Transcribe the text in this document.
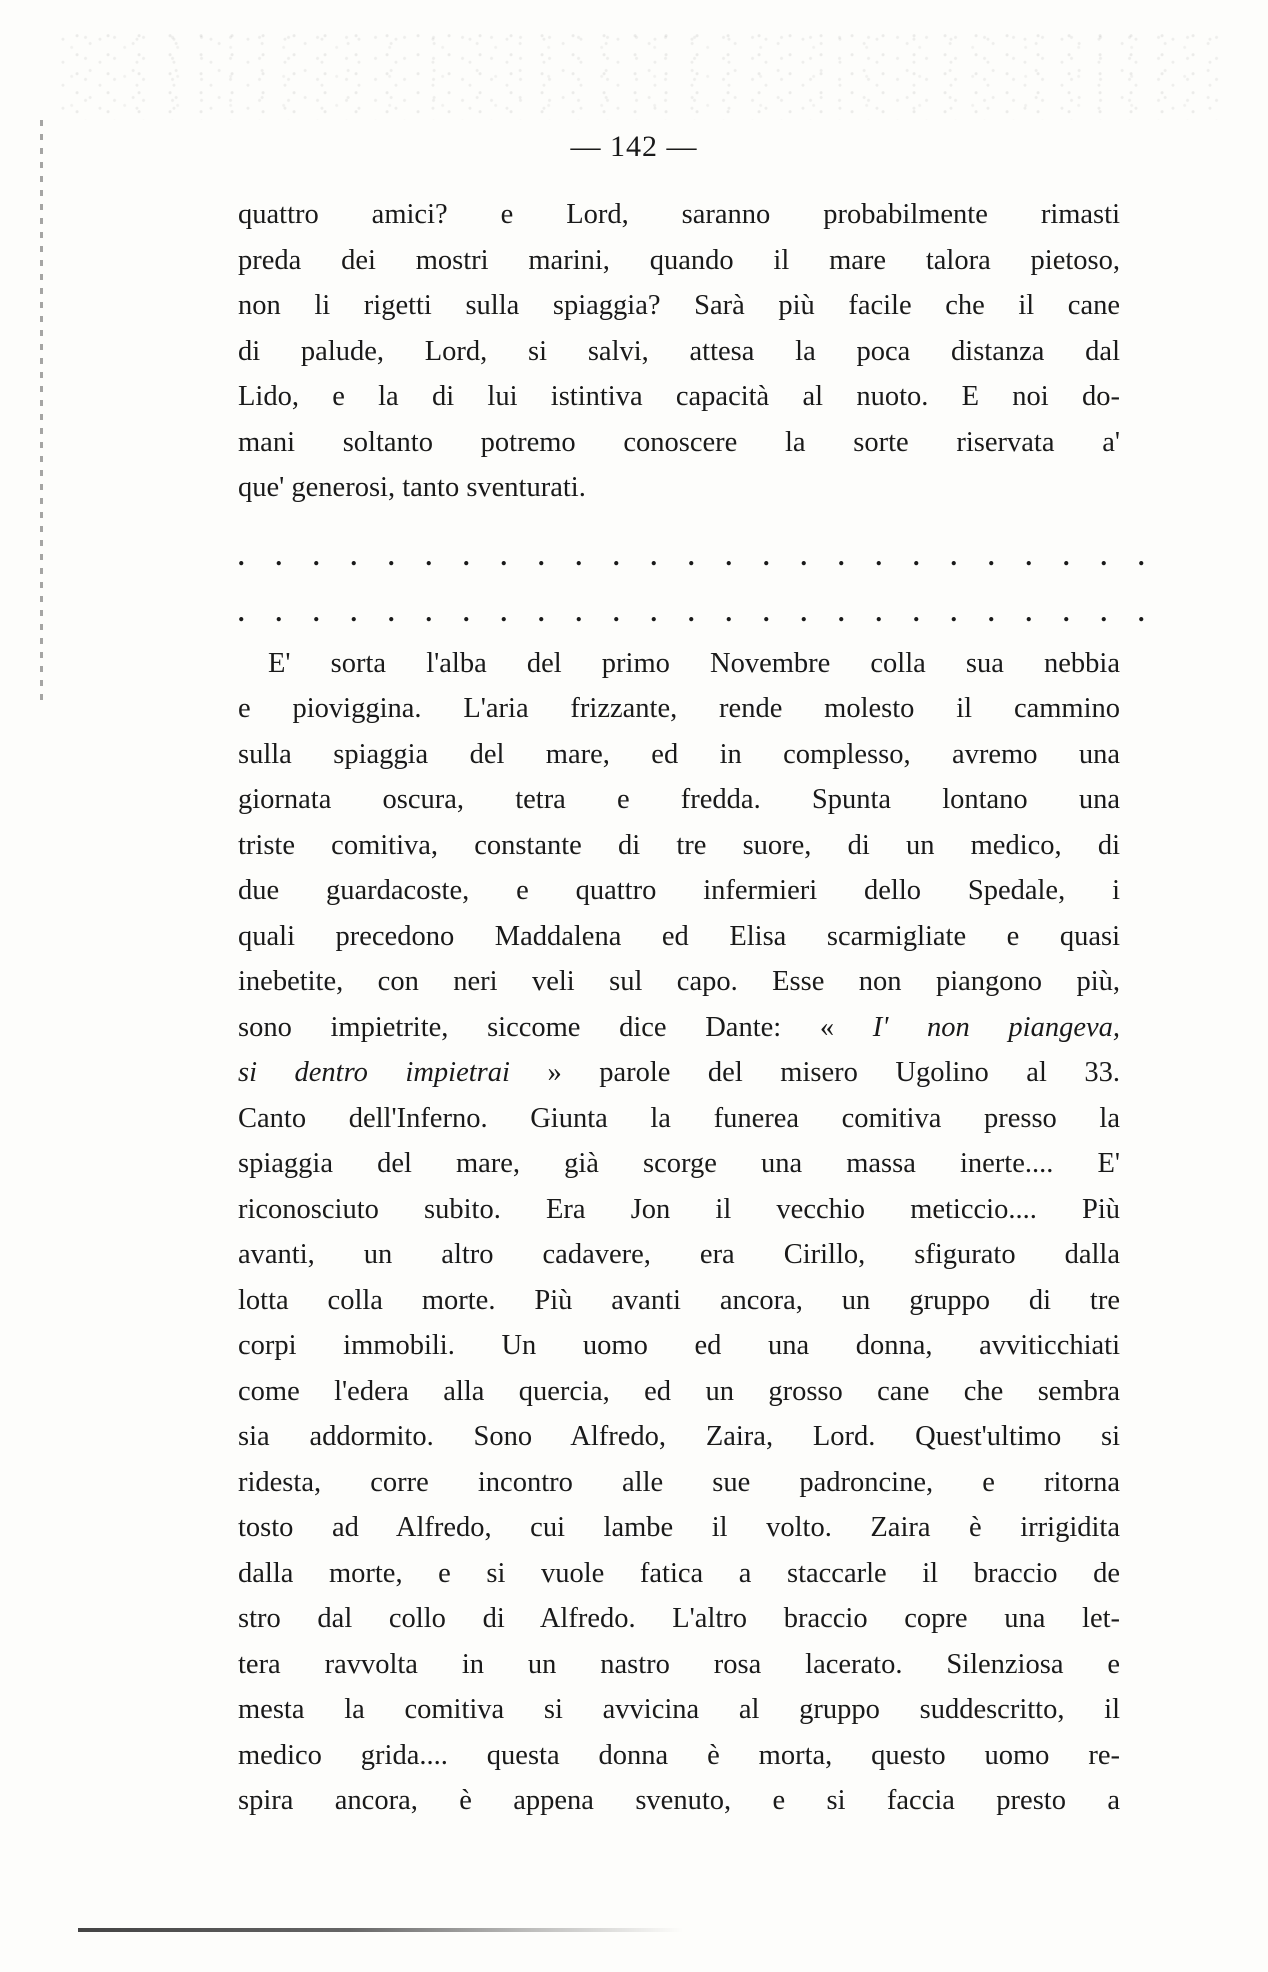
— 142 —
quattro amici? e Lord, saranno probabilmente rimasti
preda dei mostri marini, quando il mare talora pietoso,
non li rigetti sulla spiaggia? Sarà più facile che il cane
di palude, Lord, si salvi, attesa la poca distanza dal
Lido, e la di lui istintiva capacità al nuoto. E noi do-
mani soltanto potremo conoscere la sorte riservata a'
que' generosi, tanto sventurati.
. . . . . . . . . . . . . . . . . . . . . . . . .
. . . . . . . . . . . . . . . . . . . . . . . . .
E' sorta l'alba del primo Novembre colla sua nebbia
e pioviggina. L'aria frizzante, rende molesto il cammino
sulla spiaggia del mare, ed in complesso, avremo una
giornata oscura, tetra e fredda. Spunta lontano una
triste comitiva, constante di tre suore, di un medico, di
due guardacoste, e quattro infermieri dello Spedale, i
quali precedono Maddalena ed Elisa scarmigliate e quasi
inebetite, con neri veli sul capo. Esse non piangono più,
sono impietrite, siccome dice Dante: « I' non piangeva,
si dentro impietrai » parole del misero Ugolino al 33.
Canto dell'Inferno. Giunta la funerea comitiva presso la
spiaggia del mare, già scorge una massa inerte.... E'
riconosciuto subito. Era Jon il vecchio meticcio.... Più
avanti, un altro cadavere, era Cirillo, sfigurato dalla
lotta colla morte. Più avanti ancora, un gruppo di tre
corpi immobili. Un uomo ed una donna, avviticchiati
come l'edera alla quercia, ed un grosso cane che sembra
sia addormito. Sono Alfredo, Zaira, Lord. Quest'ultimo si
ridesta, corre incontro alle sue padroncine, e ritorna
tosto ad Alfredo, cui lambe il volto. Zaira è irrigidita
dalla morte, e si vuole fatica a staccarle il braccio de
stro dal collo di Alfredo. L'altro braccio copre una let-
tera ravvolta in un nastro rosa lacerato. Silenziosa e
mesta la comitiva si avvicina al gruppo suddescritto, il
medico grida.... questa donna è morta, questo uomo re-
spira ancora, è appena svenuto, e si faccia presto a
